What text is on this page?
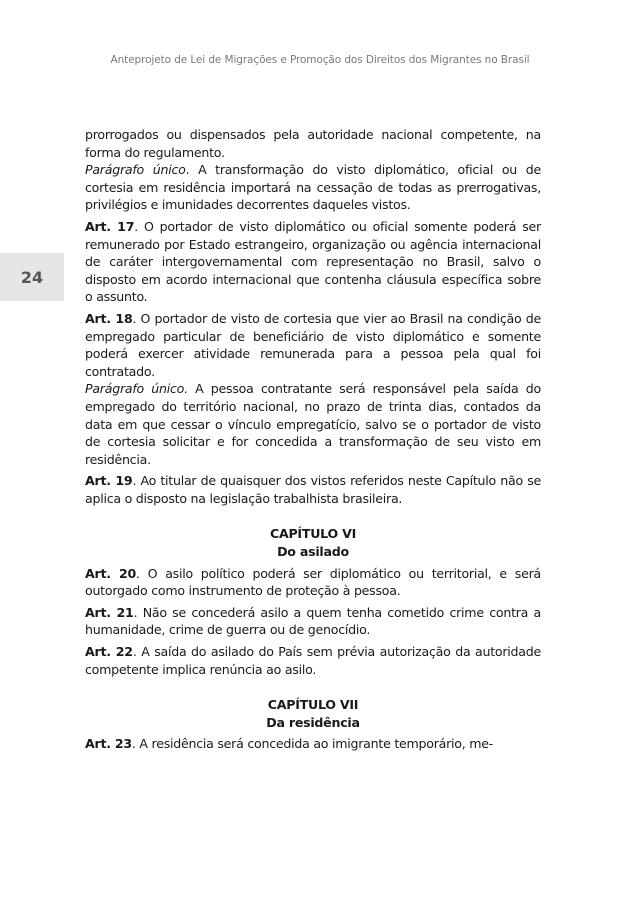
Anteprojeto de Lei de Migrações e Promoção dos Direitos dos Migrantes no Brasil
24

prorrogados ou dispensados pela autoridade nacional competente, na forma do regulamento.

Parágrafo único. A transformação do visto diplomático, oficial ou de cortesia em residência importará na cessação de todas as prerrogativas, privilégios e imunidades decorrentes daqueles vistos.

Art. 17. O portador de visto diplomático ou oficial somente poderá ser remunerado por Estado estrangeiro, organização ou agência internacional de caráter intergovernamental com representação no Brasil, salvo o disposto em acordo internacional que contenha cláusula específica sobre o assunto.

Art. 18. O portador de visto de cortesia que vier ao Brasil na condição de empregado particular de beneficiário de visto diplomático e somente poderá exercer atividade remunerada para a pessoa pela qual foi contratado.

Parágrafo único. A pessoa contratante será responsável pela saída do empregado do território nacional, no prazo de trinta dias, contados da data em que cessar o vínculo empregatício, salvo se o portador de visto de cortesia solicitar e for concedida a transformação de seu visto em residência.

Art. 19. Ao titular de quaisquer dos vistos referidos neste Capítulo não se aplica o disposto na legislação trabalhista brasileira.

CAPÍTULO VI

Do asilado

Art. 20. O asilo político poderá ser diplomático ou territorial, e será outorgado como instrumento de proteção à pessoa.

Art. 21. Não se concederá asilo a quem tenha cometido crime contra a humanidade, crime de guerra ou de genocídio.

Art. 22. A saída do asilado do País sem prévia autorização da autoridade competente implica renúncia ao asilo.

CAPÍTULO VII

Da residência

Art. 23. A residência será concedida ao imigrante temporário, me-
